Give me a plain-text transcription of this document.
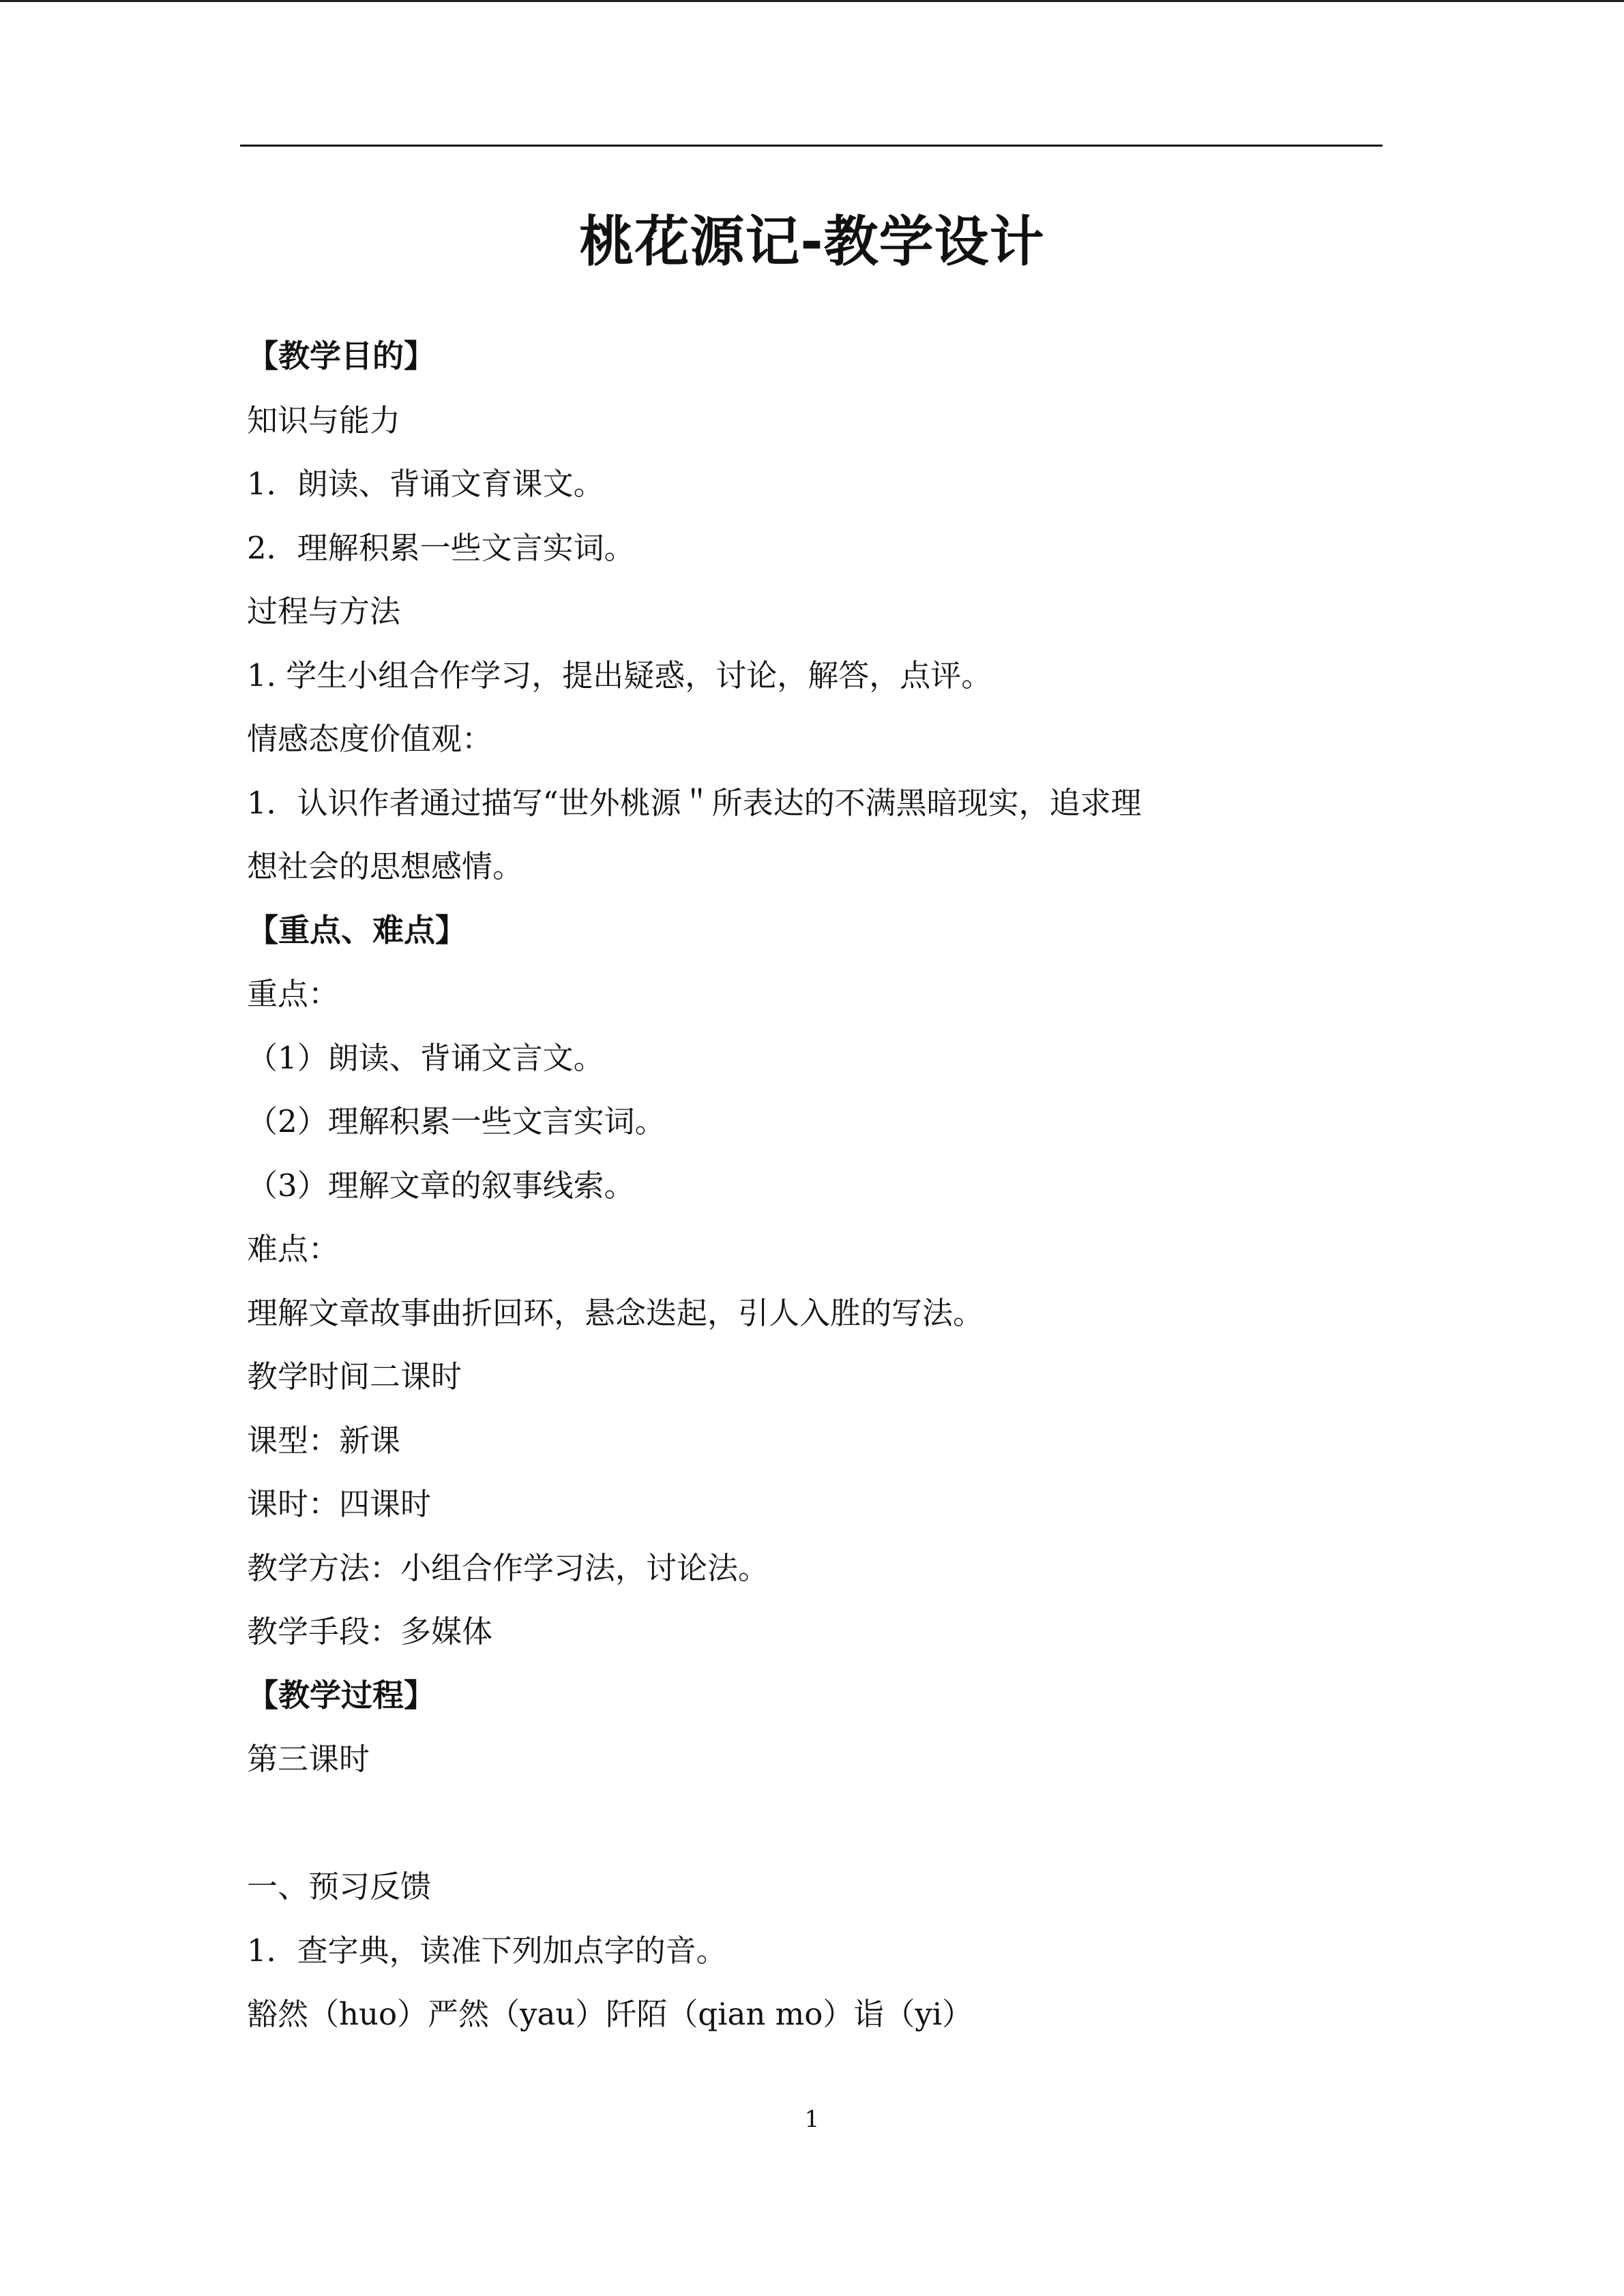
桃花源记-教学设计
【教学目的】
知识与能力
1．朗读、背诵文育课文。
2．理解积累一些文言实词。
过程与方法
1. 学生小组合作学习，提出疑惑，讨论，解答，点评。
情感态度价值观：
1．认识作者通过描写“世外桃源＂所表达的不满黑暗现实，追求理
想社会的思想感情。
【重点、难点】
重点：
（1）朗读、背诵文言文。
（2）理解积累一些文言实词。
（3）理解文章的叙事线索。
难点：
理解文章故事曲折回环，悬念迭起，引人入胜的写法。
教学时间二课时
课型：新课
课时：四课时
教学方法：小组合作学习法，讨论法。
教学手段：多媒体
【教学过程】
第三课时
一、预习反馈
1．查字典，读准下列加点字的音。
豁然（huo）严然（yau）阡陌（qian mo）诣（yi）
1
